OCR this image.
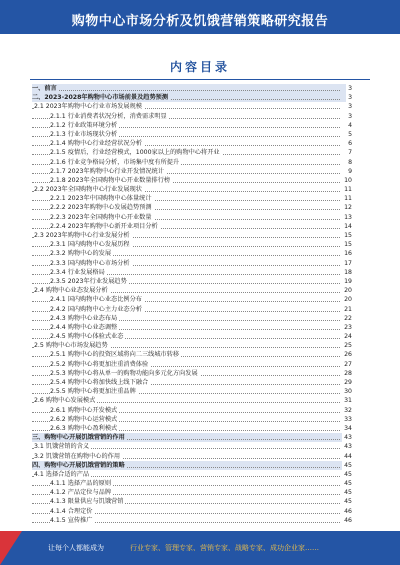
购物中心市场分析及饥饿营销策略研究报告
内容目录
一、前言	3
二、2023-2028年购物中心市场前景及趋势预测	3
2.1 2023年购物中心行业市场发展规模	3
2.1.1 行业消费者状况分析，消费需求明显	3
2.1.2 行业政策环境分析	4
2.1.3 行业市场现状分析	5
2.1.4 购物中心行业经营状况分析	6
2.1.5 疫情后，行业经营模式，1000家以上的购物中心将开业	7
2.1.6 行业竞争格局分析，市场集中度有所提升	8
2.1.7 2023年购物中心行业开发情况统计	9
2.1.8 2023年全国购物中心开业数量排行榜	10
2.2 2023年全国购物中心行业发展现状	11
2.2.1 2023年中国购物中心体量统计	11
2.2.2 2023年购物中心发展趋势预测	12
2.2.3 2023年全国购物中心开业数量	13
2.2.4 2023年购物中心新开业项目分析	14
2.3 2023年购物中心行业发展分析	15
2.3.1 国内购物中心发展历程	15
2.3.2 购物中心的发展	16
2.3.3 国内购物中心市场分析	17
2.3.4 行业发展格局	18
2.3.5 2023年行业发展趋势	19
2.4 购物中心业态发展分析	20
2.4.1 国内购物中心业态比例分布	20
2.4.2 国内购物中心主力业态分析	21
2.4.3 购物中心业态布局	22
2.4.4 购物中心业态调整	23
2.4.5 购物中心体验式业态	24
2.5 购物中心市场发展趋势	25
2.5.1 购物中心的投资区域将向二三线城市转移	26
2.5.2 购物中心将更加注重消费体验	27
2.5.3 购物中心将从单一的购物功能向多元化方向发展	28
2.5.4 购物中心将加快线上线下融合	29
2.5.5 购物中心将更加注重品牌	30
2.6 购物中心发展模式	31
2.6.1 购物中心开发模式	32
2.6.2 购物中心运营模式	33
2.6.3 购物中心盈利模式	34
三、购物中心开展饥饿营销的作用	43
3.1 饥饿营销的含义	43
3.2 饥饿营销在购物中心的作用	44
四、购物中心开展饥饿营销的策略	45
4.1 选择合适的产品	45
4.1.1 选择产品的原则	45
4.1.2 产品定位与品牌	45
4.1.3 限量供应与饥饿营销	45
4.1.4 合理定价	46
4.1.5 宣传推广	46
让每个人都能成为	行业专家、管理专家、营销专家、战略专家、成功企业家……
